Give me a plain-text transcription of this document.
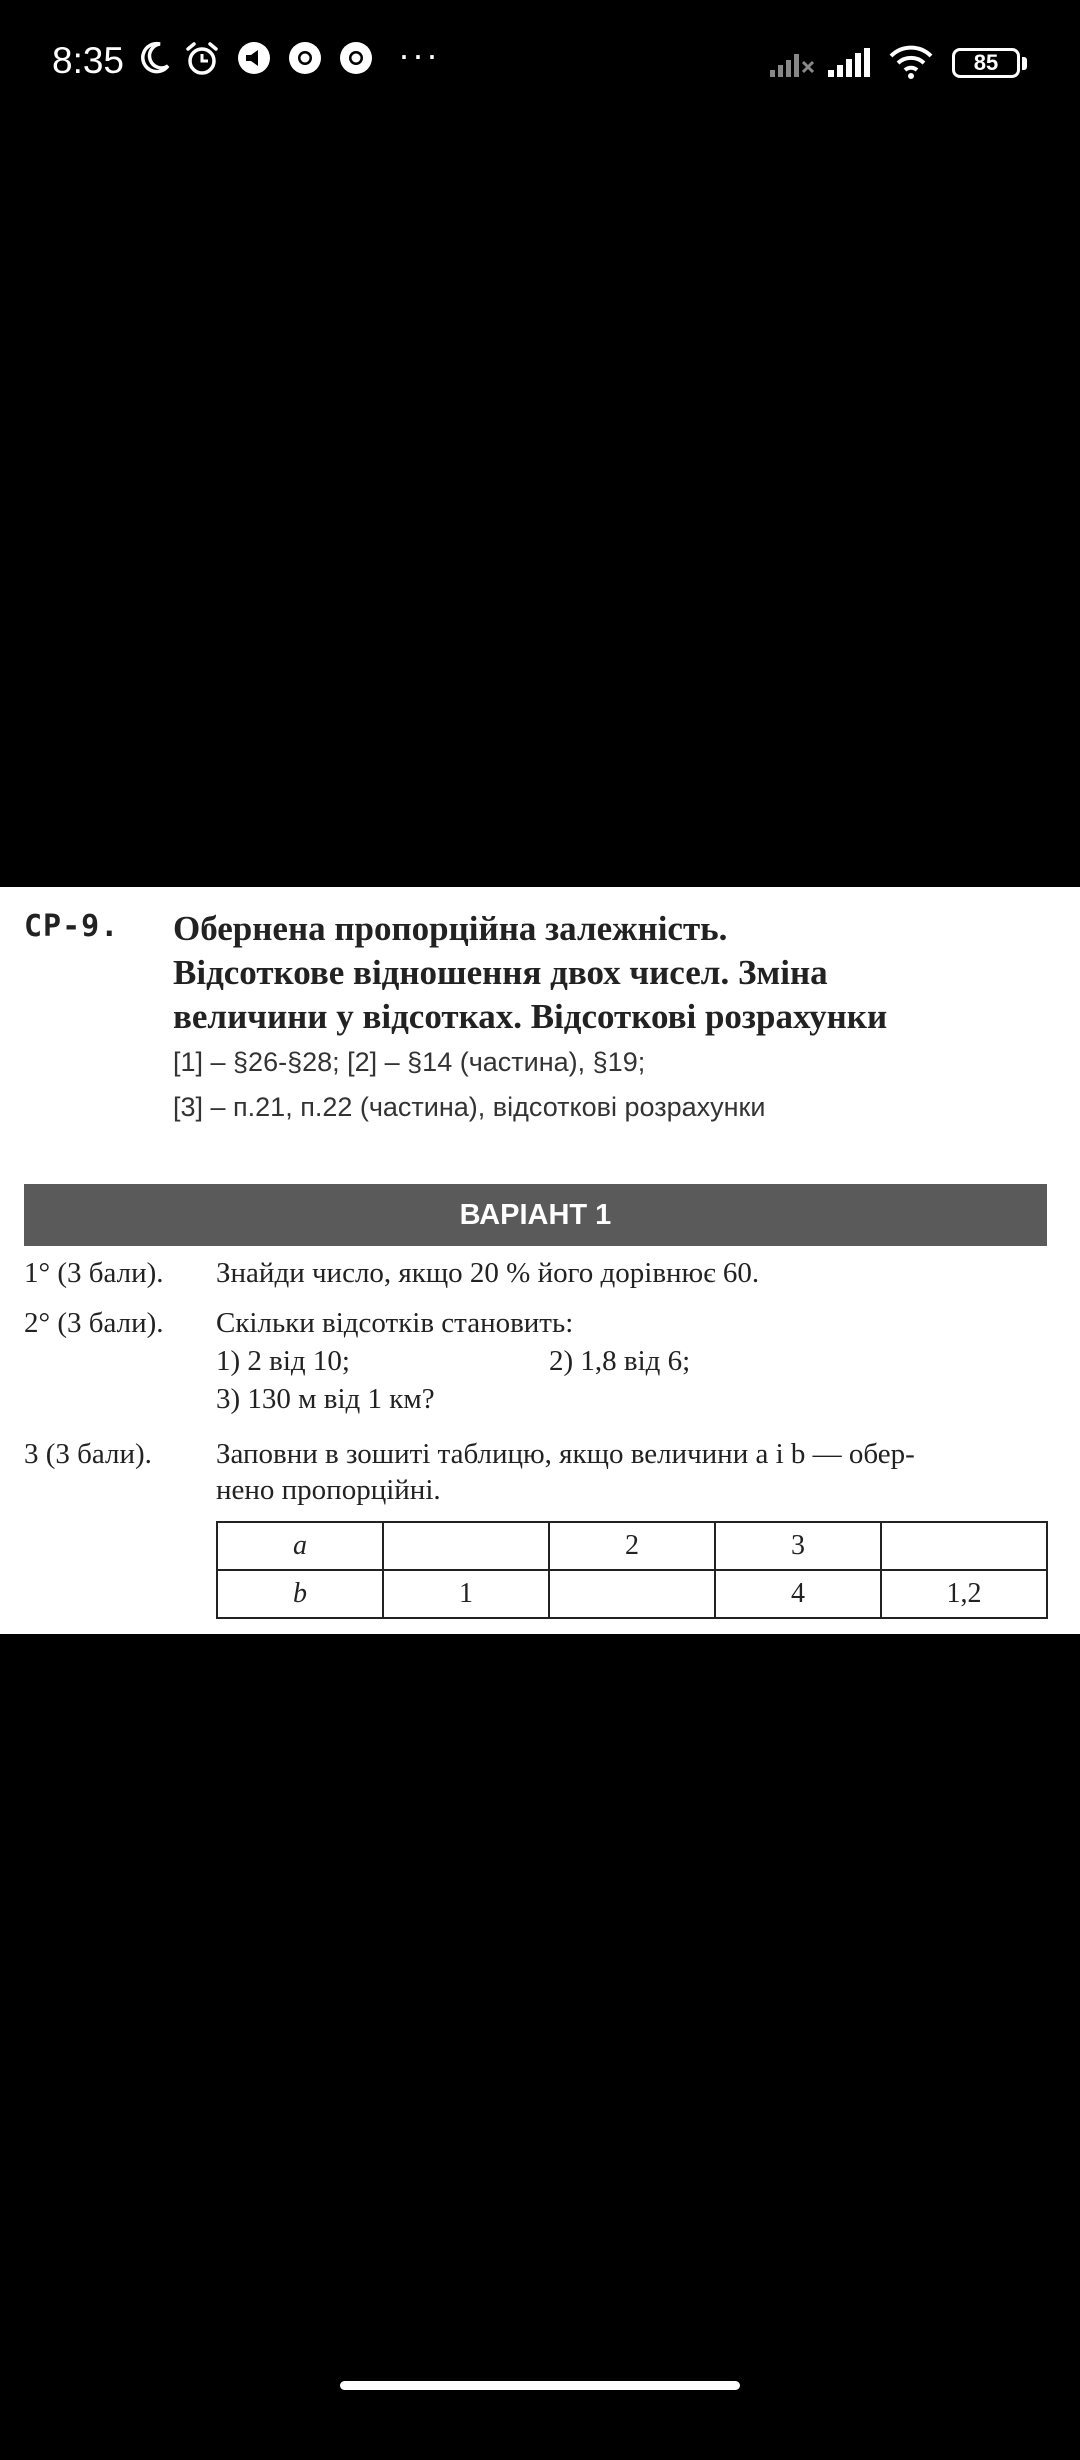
8:35	···	85
СР-9. Обернена пропорційна залежність.
Відсоткове відношення двох чисел. Зміна
величини у відсотках. Відсоткові розрахунки
[1] – §26-§28; [2] – §14 (частина), §19;
[3] – п.21, п.22 (частина), відсоткові розрахунки
ВАРІАНТ 1
1° (3 бали). Знайди число, якщо 20 % його дорівнює 60.
2° (3 бали). Скільки відсотків становить:
1) 2 від 10;	2) 1,8 від 6;
3) 130 м від 1 км?
3 (3 бали). Заповни в зошиті таблицю, якщо величини a і b — обер-
нено пропорційні.
a		2	3	
b	1		4	1,2
